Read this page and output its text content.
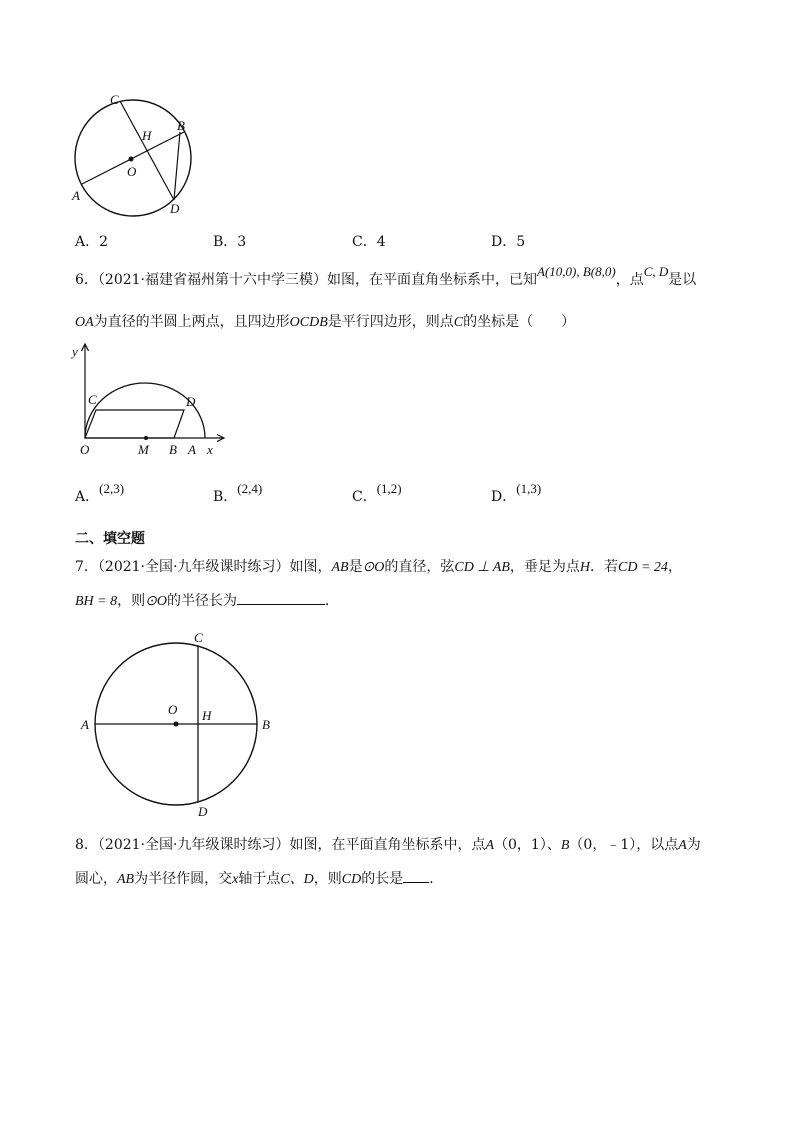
C
H
B
O
A
D
A．2	B．3	C．4	D．5
6．（2021·福建省福州第十六中学三模）如图，在平面直角坐标系中，已知A(10,0), B(8,0)，点C, D是以
OA为直径的半圆上两点，且四边形OCDB是平行四边形，则点C的坐标是（　　）
y
C	D
O	M B A x
A．(2,3)
B．(2,4)
C．(1,2)
D．(1,3)
二、填空题
7．（2021·全国·九年级课时练习）如图，AB是⊙O的直径，弦CD ⊥ AB，垂足为点H．若CD = 24，
BH = 8，则⊙O的半径长为	．
C
O H
A	B
D
8．（2021·全国·九年级课时练习）如图，在平面直角坐标系中，点A（0，1）、B（0，﹣1），以点A为
圆心，AB为半径作圆，交x轴于点C、D，则CD的长是 ．
